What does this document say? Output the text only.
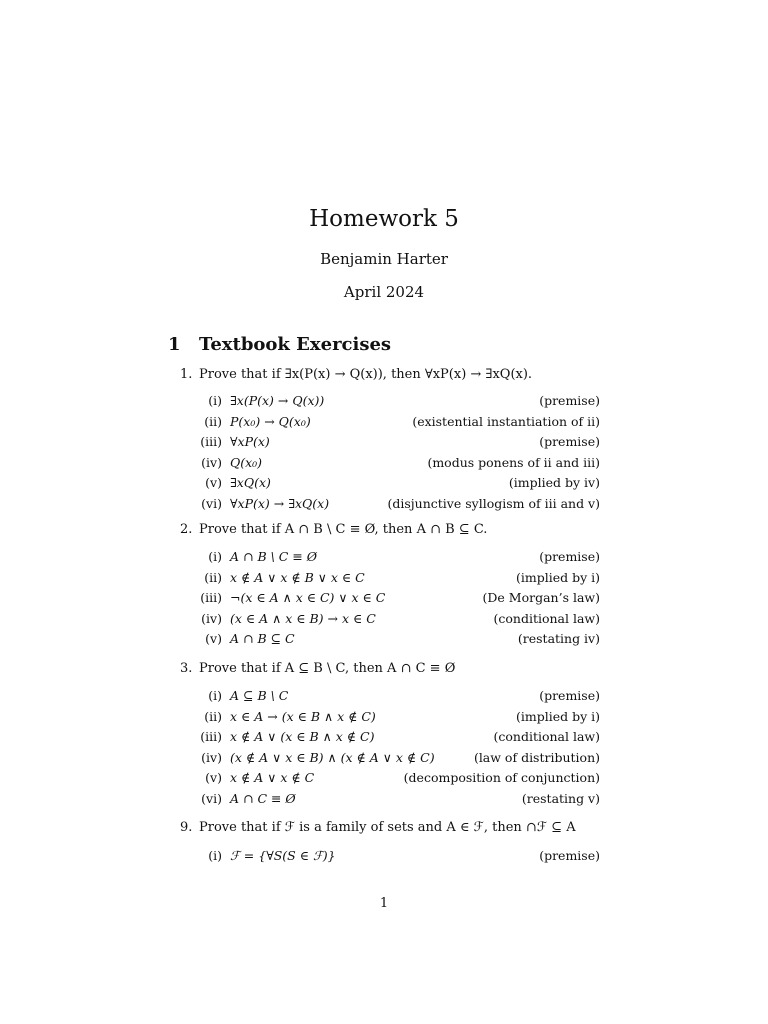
Homework 5
Benjamin Harter
April 2024
1 Textbook Exercises
1. Prove that if ∃x(P(x) → Q(x)), then ∀xP(x) → ∃xQ(x).
(i) ∃x(P(x) → Q(x))	(premise)
(ii) P(x₀) → Q(x₀)	(existential instantiation of ii)
(iii) ∀xP(x)	(premise)
(iv) Q(x₀)	(modus ponens of ii and iii)
(v) ∃xQ(x)	(implied by iv)
(vi) ∀xP(x) → ∃xQ(x)	(disjunctive syllogism of iii and v)
2. Prove that if A ∩ B \ C ≡ Ø, then A ∩ B ⊆ C.
(i) A ∩ B \ C ≡ Ø	(premise)
(ii) x ∉ A ∨ x ∉ B ∨ x ∈ C	(implied by i)
(iii) ¬(x ∈ A ∧ x ∈ C) ∨ x ∈ C	(De Morgan’s law)
(iv) (x ∈ A ∧ x ∈ B) → x ∈ C	(conditional law)
(v) A ∩ B ⊆ C	(restating iv)
3. Prove that if A ⊆ B \ C, then A ∩ C ≡ Ø
(i) A ⊆ B \ C	(premise)
(ii) x ∈ A → (x ∈ B ∧ x ∉ C)	(implied by i)
(iii) x ∉ A ∨ (x ∈ B ∧ x ∉ C)	(conditional law)
(iv) (x ∉ A ∨ x ∈ B) ∧ (x ∉ A ∨ x ∉ C)	(law of distribution)
(v) x ∉ A ∨ x ∉ C	(decomposition of conjunction)
(vi) A ∩ C ≡ Ø	(restating v)
9. Prove that if ℱ is a family of sets and A ∈ ℱ, then ∩ℱ ⊆ A
(i) ℱ = {∀S(S ∈ ℱ)}	(premise)
1
